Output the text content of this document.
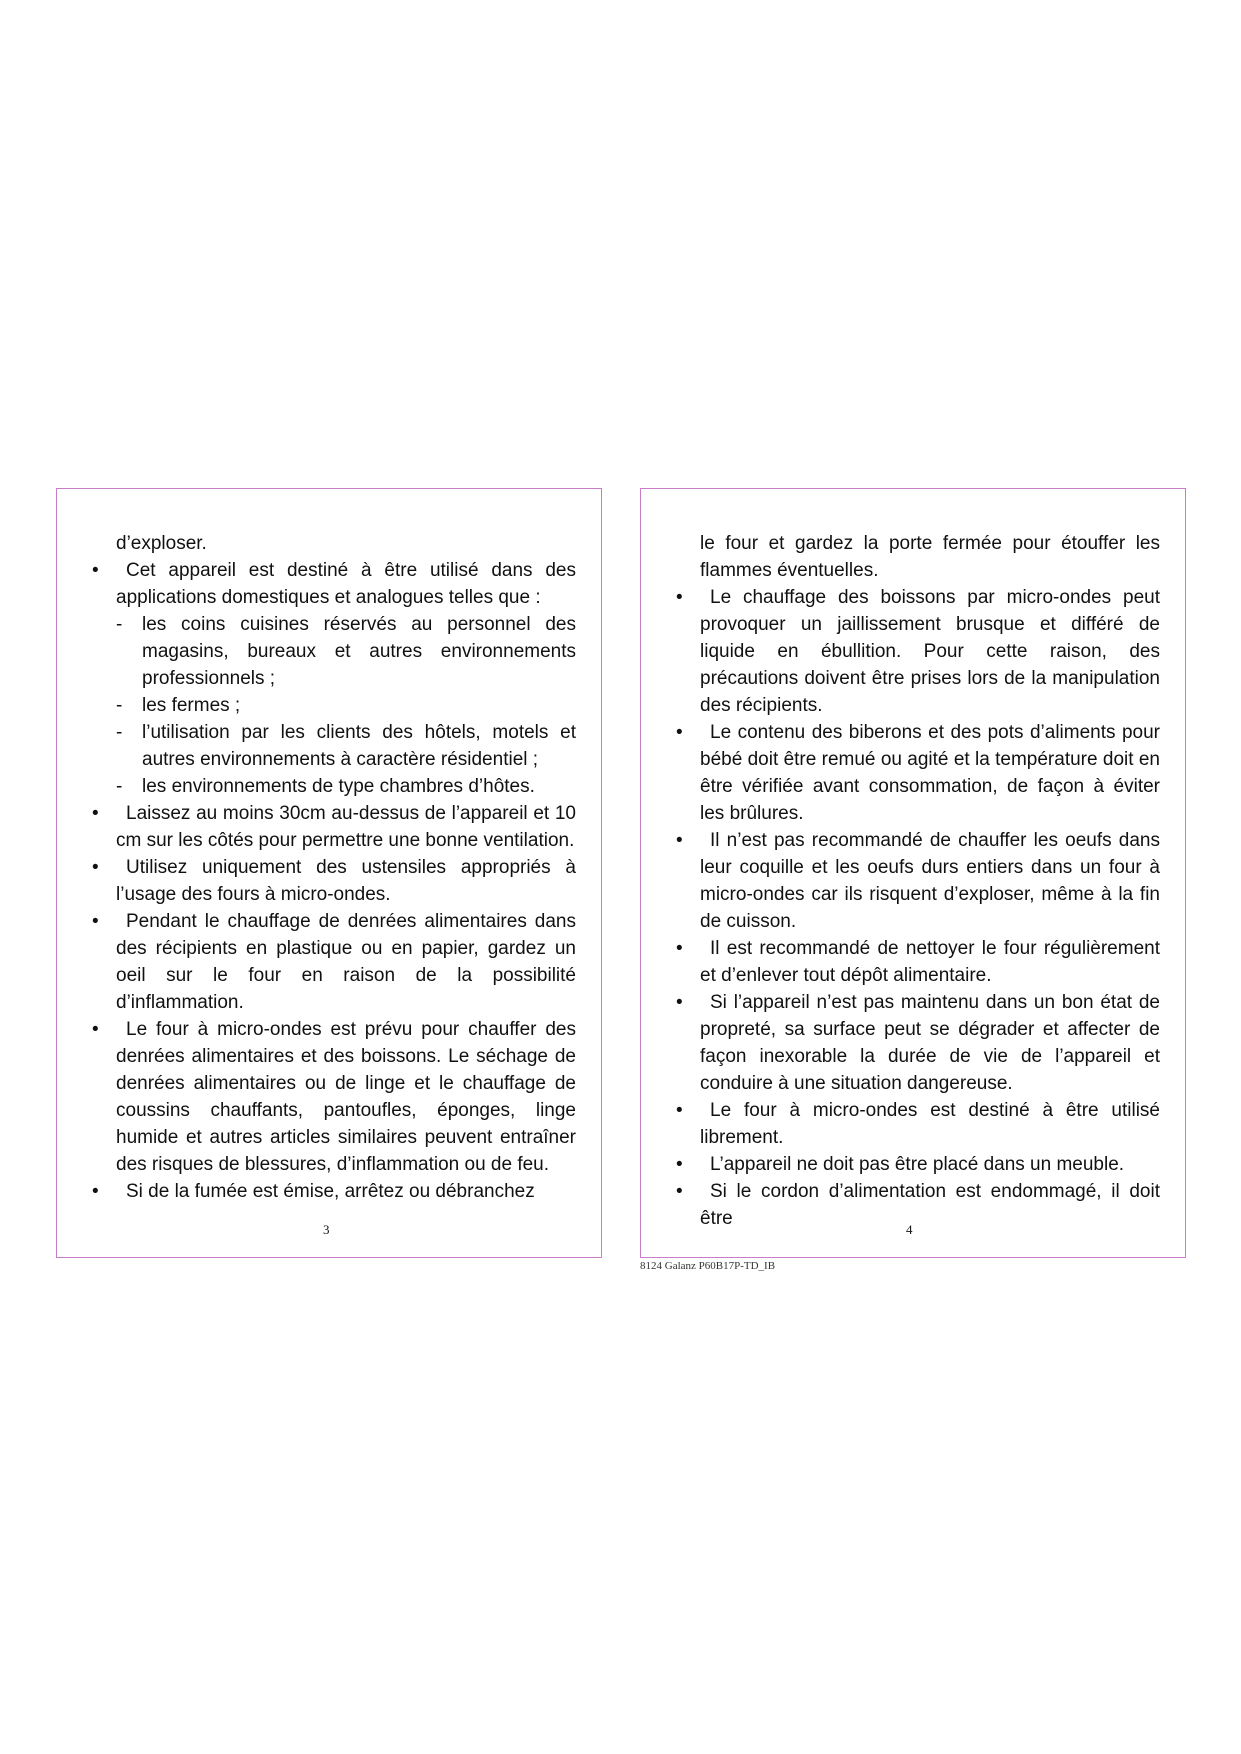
d’exploser.
• Cet appareil est destiné à être utilisé dans des applications domestiques et analogues telles que :
- les coins cuisines réservés au personnel des magasins, bureaux et autres environnements professionnels ;
- les fermes ;
- l’utilisation par les clients des hôtels, motels et autres environnements à caractère résidentiel ;
- les environnements de type chambres d’hôtes.
• Laissez au moins 30cm au-dessus de l’appareil et 10 cm sur les côtés pour permettre une bonne ventilation.
• Utilisez uniquement des ustensiles appropriés à l’usage des fours à micro-ondes.
• Pendant le chauffage de denrées alimentaires dans des récipients en plastique ou en papier, gardez un oeil sur le four en raison de la possibilité d’inflammation.
• Le four à micro-ondes est prévu pour chauffer des denrées alimentaires et des boissons. Le séchage de denrées alimentaires ou de linge et le chauffage de coussins chauffants, pantoufles, éponges, linge humide et autres articles similaires peuvent entraîner des risques de blessures, d’inflammation ou de feu.
• Si de la fumée est émise, arrêtez ou débranchez
le four et gardez la porte fermée pour étouffer les flammes éventuelles.
• Le chauffage des boissons par micro-ondes peut provoquer un jaillissement brusque et différé de liquide en ébullition. Pour cette raison, des précautions doivent être prises lors de la manipulation des récipients.
• Le contenu des biberons et des pots d’aliments pour bébé doit être remué ou agité et la température doit en être vérifiée avant consommation, de façon à éviter les brûlures.
• Il n’est pas recommandé de chauffer les oeufs dans leur coquille et les oeufs durs entiers dans un four à micro-ondes car ils risquent d’exploser, même à la fin de cuisson.
• Il est recommandé de nettoyer le four régulièrement et d’enlever tout dépôt alimentaire.
• Si l’appareil n’est pas maintenu dans un bon état de propreté, sa surface peut se dégrader et affecter de façon inexorable la durée de vie de l’appareil et conduire à une situation dangereuse.
• Le four à micro-ondes est destiné à être utilisé librement.
• L’appareil ne doit pas être placé dans un meuble.
• Si le cordon d’alimentation est endommagé, il doit être
3	4
8124 Galanz P60B17P-TD_IB
